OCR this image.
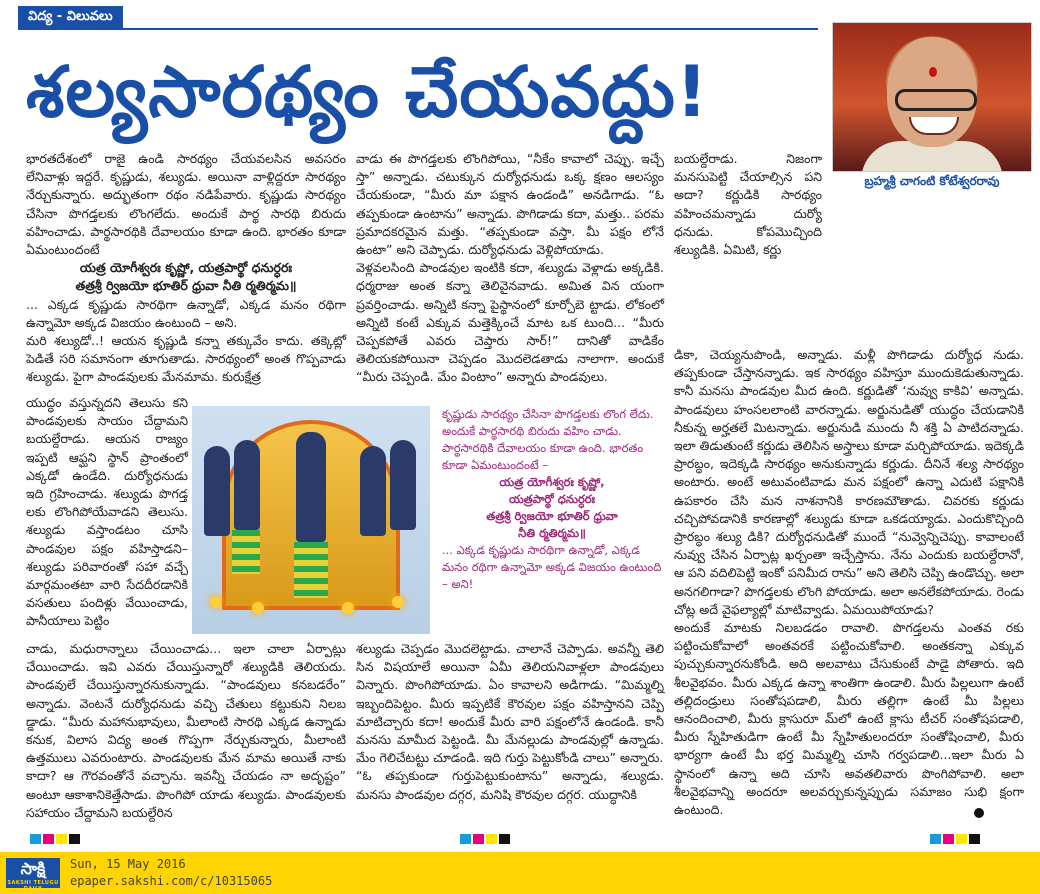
విద్య - విలువలు
శల్యసారథ్యం చేయవద్దు!
బ్రహ్మశ్రీ చాగంటి కోటేశ్వరరావు

భారతదేశంలో రాజై ఉండి సారథ్యం చేయవలసిన అవసరం లేనివాళ్లు ఇద్దరే. కృష్ణుడు, శల్యుడు. అయినా వాళ్లిద్దరూ సారథ్యం నేర్చుకున్నారు. అద్భుతంగా రథం నడిపేవారు. కృష్ణుడు సారథ్యం చేసినా పొగడ్తలకు లొంగలేదు. అందుకే పార్థ సారథి బిరుదు వహించాడు. పార్థసారథికి దేవాలయం కూడా ఉంది. భారతం కూడా ఏమంటుందంటే

యత్ర యోగీశ్వరః కృష్ణో, యత్రపార్థో ధనుర్ధరః

తత్రశ్రీ ర్విజయో భూతిర్ ధ్రువా నీతి ర్మతిర్మమ॥

... ఎక్కడ కృష్ణుడు సారథిగా ఉన్నాడో, ఎక్కడ మనం రథిగా ఉన్నామో అక్కడ విజయం ఉంటుంది – అని.

మరి శల్యుడో..! ఆయన కృష్ణుడి కన్నా తక్కువేం కాదు. తక్కెట్లో పెడితే సరి సమానంగా తూగుతాడు. సారథ్యంలో అంత గొప్పవాడు శల్యుడు. పైగా పాండవులకు మేనమామ. కురుక్షేత్ర

యుద్ధం వస్తున్నదని తెలుసు కని పాండవులకు సాయం చేద్దామని బయల్దేరాడు. ఆయన రాజ్యం ఇప్పటి ఆఫ్ఘని స్థాన్ ప్రాంతంలో ఎక్కడో ఉండేది. దుర్యోధనుడు ఇది గ్రహించాడు. శల్యుడు పొగడ్త లకు లొంగిపోయేవాడని తెలుసు. శల్యుడు వస్తాండటం చూసి పాండవుల పక్షం వహిస్తాడని– శల్యుడు పరివారంతో సహా వచ్చే మార్గమంతటా వారి సేదదీరడానికి వసతులు పందిళ్లు వేయించాడు, పానీయాలు పెట్టిం

చాడు, మధురాన్నాలు చేయించాడు... ఇలా చాలా ఏర్పాట్లు చేయించాడు. ఇవి ఎవరు చేయిస్తున్నారో శల్యుడికి తెలియదు. పాండవులే చేయిస్తున్నారనుకున్నాడు. “పాండవులు కనబడరేం” అన్నాడు. వెంటనే దుర్యోధనుడు వచ్చి చేతులు కట్టుకుని నిలబ డ్డాడు. “మీరు మహానుభావులు, మీలాంటి సారథి ఎక్కడ ఉన్నాడు కనుక, విలాస విద్య అంత గొప్పగా నేర్చుకున్నారు, మీలాంటి ఉత్తములు ఎవరుంటారు. పాండవులకు మేన మామ అయితే నాకు కాదా? ఆ గౌరవంతోనే వచ్చాను. ఇవన్నీ చేయడం నా అదృష్టం” అంటూ ఆకాశానికెత్తేసాడు. పొంగిపో యాడు శల్యుడు. పాండవులకు సహాయం చేద్దామని బయల్దేరిన

వాడు ఈ పొగడ్తలకు లొంగిపోయి, “నీకేం కావాలో చెప్పు. ఇచ్చే స్తా” అన్నాడు. చటుక్కున దుర్యోధనుడు ఒక్క క్షణం ఆలస్యం చేయకుండా, “మీరు మా పక్షాన ఉండండి” అనడిగాడు. “ఓ తప్పకుండా ఉంటాను” అన్నాడు. పొగిడాడు కదా, మత్తు.. పరమ ప్రమాదకరమైన మత్తు. “తప్పకుండా వస్తా. మీ పక్షం లోనే ఉంటా” అని చెప్పాడు. దుర్యోధనుడు వెళ్లిపోయాడు.

వెళ్లవలసింది పాండవుల ఇంటికి కదా, శల్యుడు వెళ్లాడు అక్కడికి. ధర్మరాజు అంత కన్నా తెలివైనవాడు. అమిత విన యంగా ప్రవర్తించాడు. అన్నిటి కన్నా పైస్థానంలో కూర్చోబె ట్టాడు. లోకంలో అన్నిటి కంటే ఎక్కువ మత్తెక్కించే మాట ఒక టుంది... “మీరు చెప్పకపోతే ఎవరు చెప్తారు సార్!” దానితో వాడికేం తెలియకపోయినా చెప్పడం మొదలెడతాడు నాలాగా. అందుకే “మీరు చెప్పండి. మేం వింటాం” అన్నారు పాండవులు.

కృష్ణుడు సారథ్యం చేసినా పొగడ్తలకు లొంగ లేదు. అందుకే పార్థసారథి బిరుదు వహిం చాడు. పార్థసారథికి దేవాలయం కూడా ఉంది. భారతం కూడా ఏమంటుందంటే –

యత్ర యోగీశ్వరః కృష్ణో,

యత్రపార్థో ధనుర్ధరః

తత్రశ్రీ ర్విజయో భూతిర్ ధ్రువా

నీతి ర్మతిర్మమ॥

... ఎక్కడ కృష్ణుడు సారథిగా ఉన్నాడో, ఎక్కడ మనం రథిగా ఉన్నామో అక్కడ విజయం ఉంటుంది – అని!

శల్యుడు చెప్పడం మొదలెట్టాడు. చాలానే చెప్పాడు. అవన్నీ తెలి సిన విషయాలే అయినా ఏమీ తెలియనివాళ్లలా పాండవులు విన్నారు. పొంగిపోయాడు. ఏం కావాలని అడిగాడు. “మిమ్మల్ని ఇబ్బందిపెట్టం. మీరు ఇప్పటికే కౌరవుల పక్షం వహిస్తానని చెప్పి మాటిచ్చారు కదా! అందుకే మీరు వారి పక్షంలోనే ఉండండి. కానీ మనసు మామీద పెట్టండి. మీ మేనల్లుడు పాండవుల్లో ఉన్నాడు. మేం గెలిచేటట్టు చూడండి. ఇది గుర్తు పెట్టుకోండి చాలు” అన్నారు.

“ఓ తప్పకుండా గుర్తుపెట్టుకుంటాను” అన్నాడు, శల్యుడు. మనసు పాండవుల దగ్గర, మనిషి కౌరవుల దగ్గర. యుద్ధానికి

బయల్దేరాడు. నిజంగా మనసుపెట్టి చేయాల్సిన పని అదా? కర్ణుడికి సారథ్యం వహించమన్నాడు దుర్యో ధనుడు. కోపమొచ్చింది శల్యుడికి. ఏమిటి, కర్ణు

డికా, చెయ్యనుపొండి, అన్నాడు. మళ్లీ పొగిడాడు దుర్యోధ నుడు. తప్పకుండా చేస్తానన్నాడు. ఇక సారథ్యం వహిస్తూ ముందుకెడుతున్నాడు. కానీ మనసు పాండవుల మీద ఉంది. కర్ణుడితో ‘నువ్వు కాకివి’ అన్నాడు. పాండవులు హంసలలాంటి వారన్నాడు. అర్జునుడితో యుద్ధం చేయడానికి నీకున్న అర్హతలే మిటన్నాడు. అర్జునుడి ముందు నీ శక్తి ఏ పాటిదన్నాడు. ఇలా తిడుతుంటే కర్ణుడు తెలిసిన అస్త్రాలు కూడా మర్చిపోయాడు. ఇదెక్కడి ప్రారబ్ధం, ఇదెక్కడి సారథ్యం అనుకున్నాడు కర్ణుడు. దీనినే శల్య సారథ్యం అంటారు. అంటే అటువంటివాడు మన పక్షంలో ఉన్నా ఎదుటి పక్షానికి ఉపకారం చేసి మన నాశనానికి కారణమౌతాడు. చివరకు కర్ణుడు చచ్చిపోవడానికి కారణాల్లో శల్యుడు కూడా ఒకడయ్యాడు. ఎందుకొచ్చింది ప్రారబ్ధం శల్యు డికి? దుర్యోధనుడితో ముందే “నువ్వెన్నిచెప్పు. కావాలంటే నువ్వు చేసిన ఏర్పాట్ల ఖర్చంతా ఇచ్చేస్తాను. నేను ఎందుకు బయల్దేరానో, ఆ పని వదిలిపెట్టి ఇంకో పనిమీద రాను” అని తెలిసి చెప్పి ఉండొచ్చు. అలా అనగలిగాడా? పొగడ్తలకు లొంగి పోయాడు. అలా అనలేకపోయాడు. రెండు చోట్ల అదే వైఫల్యాల్లో మాటివ్వాడు. ఏమయిపోయాడు?

అందుకే మాటకు నిలబడడం రావాలి. పొగడ్తలను ఎంతవ రకు పట్టించుకోవాలో అంతవరకే పట్టించుకోవాలి. అంతకన్నా ఎక్కువ పుచ్చుకున్నారనుకోండి. అది అలవాటు చేసుకుంటే పాడై పోతారు. ఇది శీలవైభవం. మీరు ఎక్కడ ఉన్నా శాంతిగా ఉండాలి. మీరు పిల్లలుగా ఉంటే తల్లిదండ్రులు సంతోషపడాలి, మీరు తల్లిగా ఉంటే మీ పిల్లలు ఆనందించాలి, మీరు క్లాసురూ మ్‌లో ఉంటే క్లాసు టీచర్ సంతోషపడాలి, మీరు స్నేహితుడిగా ఉంటే మీ స్నేహితులందరూ సంతోషించాలి, మీరు భార్యగా ఉంటే మీ భర్త మిమ్మల్ని చూసి గర్వపడాలి...ఇలా మీరు ఏ స్థానంలో ఉన్నా అది చూసి అవతలివారు పొంగిపోవాలి. అలా శీలవైభవాన్ని అందరూ అలవర్చుకున్నప్పుడు సమాజం సుభి క్షంగా ఉంటుంది.

సాక్షి
SAKSHI TELUGU DAILY
Sun, 15 May 2016
epaper.sakshi.com/c/10315065
